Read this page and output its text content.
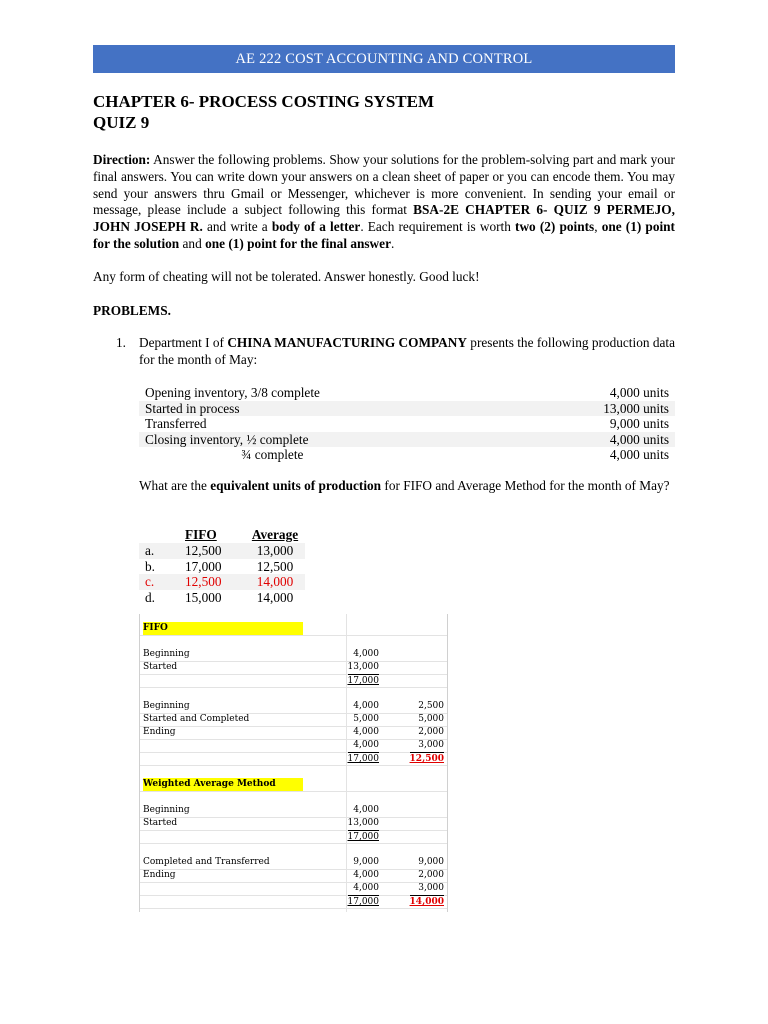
AE 222 COST ACCOUNTING AND CONTROL
CHAPTER 6- PROCESS COSTING SYSTEM
QUIZ 9
Direction: Answer the following problems. Show your solutions for the problem-solving part and mark your final answers. You can write down your answers on a clean sheet of paper or you can encode them. You may send your answers thru Gmail or Messenger, whichever is more convenient. In sending your email or message, please include a subject following this format BSA-2E CHAPTER 6- QUIZ 9 PERMEJO, JOHN JOSEPH R. and write a body of a letter. Each requirement is worth two (2) points, one (1) point for the solution and one (1) point for the final answer.
Any form of cheating will not be tolerated. Answer honestly. Good luck!
PROBLEMS.
1. Department I of CHINA MANUFACTURING COMPANY presents the following production data for the month of May:
Opening inventory, 3/8 complete	4,000 units
Started in process	13,000 units
Transferred	9,000 units
Closing inventory, ½ complete	4,000 units
¾ complete	4,000 units
What are the equivalent units of production for FIFO and Average Method for the month of May?
	FIFO	Average
a.	12,500	13,000
b.	17,000	12,500
c.	12,500	14,000
d.	15,000	14,000
FIFO
Beginning	4,000
Started	13,000
17,000
Beginning	4,000	2,500
Started and Completed	5,000	5,000
Ending	4,000	2,000
4,000	3,000
17,000	12,500
Weighted Average Method
Beginning	4,000
Started	13,000
17,000
Completed and Transferred	9,000	9,000
Ending	4,000	2,000
4,000	3,000
17,000	14,000
